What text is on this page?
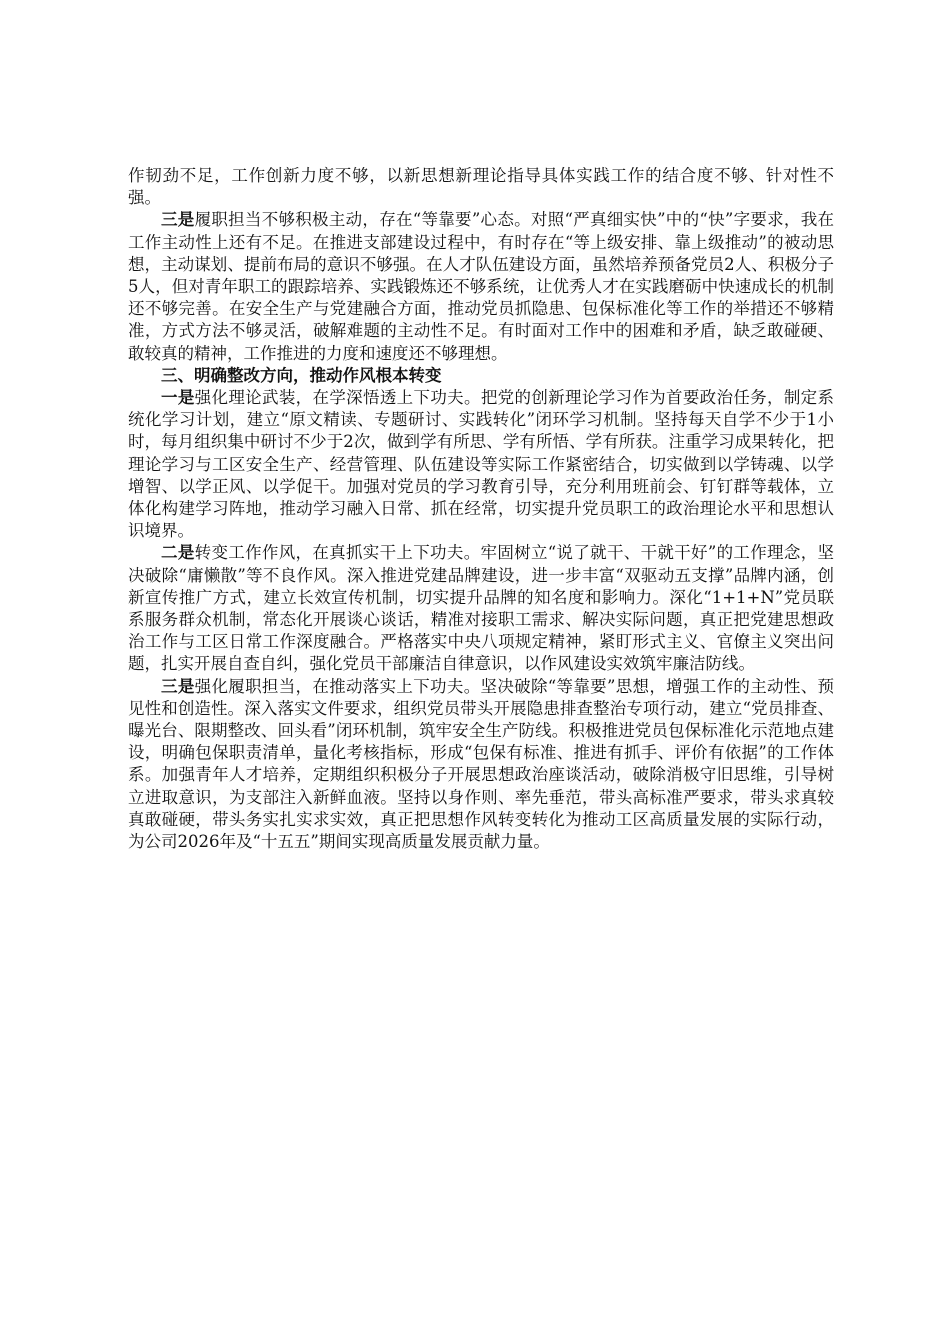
作韧劲不足，工作创新力度不够，以新思想新理论指导具体实践工作的结合度不够、针对性不强。

三是履职担当不够积极主动，存在“等靠要”心态。对照“严真细实快”中的“快”字要求，我在工作主动性上还有不足。在推进支部建设过程中，有时存在“等上级安排、靠上级推动”的被动思想，主动谋划、提前布局的意识不够强。在人才队伍建设方面，虽然培养预备党员2人、积极分子5人，但对青年职工的跟踪培养、实践锻炼还不够系统，让优秀人才在实践磨砺中快速成长的机制还不够完善。在安全生产与党建融合方面，推动党员抓隐患、包保标准化等工作的举措还不够精准，方式方法不够灵活，破解难题的主动性不足。有时面对工作中的困难和矛盾，缺乏敢碰硬、敢较真的精神，工作推进的力度和速度还不够理想。

三、明确整改方向，推动作风根本转变

一是强化理论武装，在学深悟透上下功夫。把党的创新理论学习作为首要政治任务，制定系统化学习计划，建立“原文精读、专题研讨、实践转化”闭环学习机制。坚持每天自学不少于1小时，每月组织集中研讨不少于2次，做到学有所思、学有所悟、学有所获。注重学习成果转化，把理论学习与工区安全生产、经营管理、队伍建设等实际工作紧密结合，切实做到以学铸魂、以学增智、以学正风、以学促干。加强对党员的学习教育引导，充分利用班前会、钉钉群等载体，立体化构建学习阵地，推动学习融入日常、抓在经常，切实提升党员职工的政治理论水平和思想认识境界。

二是转变工作作风，在真抓实干上下功夫。牢固树立“说了就干、干就干好”的工作理念，坚决破除“庸懒散”等不良作风。深入推进党建品牌建设，进一步丰富“双驱动五支撑”品牌内涵，创新宣传推广方式，建立长效宣传机制，切实提升品牌的知名度和影响力。深化“1+1+N”党员联系服务群众机制，常态化开展谈心谈话，精准对接职工需求、解决实际问题，真正把党建思想政治工作与工区日常工作深度融合。严格落实中央八项规定精神，紧盯形式主义、官僚主义突出问题，扎实开展自查自纠，强化党员干部廉洁自律意识，以作风建设实效筑牢廉洁防线。

三是强化履职担当，在推动落实上下功夫。坚决破除“等靠要”思想，增强工作的主动性、预见性和创造性。深入落实文件要求，组织党员带头开展隐患排查整治专项行动，建立“党员排查、曝光台、限期整改、回头看”闭环机制，筑牢安全生产防线。积极推进党员包保标准化示范地点建设，明确包保职责清单，量化考核指标，形成“包保有标准、推进有抓手、评价有依据”的工作体系。加强青年人才培养，定期组织积极分子开展思想政治座谈活动，破除消极守旧思维，引导树立进取意识，为支部注入新鲜血液。坚持以身作则、率先垂范，带头高标准严要求，带头求真较真敢碰硬，带头务实扎实求实效，真正把思想作风转变转化为推动工区高质量发展的实际行动，为公司2026年及“十五五”期间实现高质量发展贡献力量。
